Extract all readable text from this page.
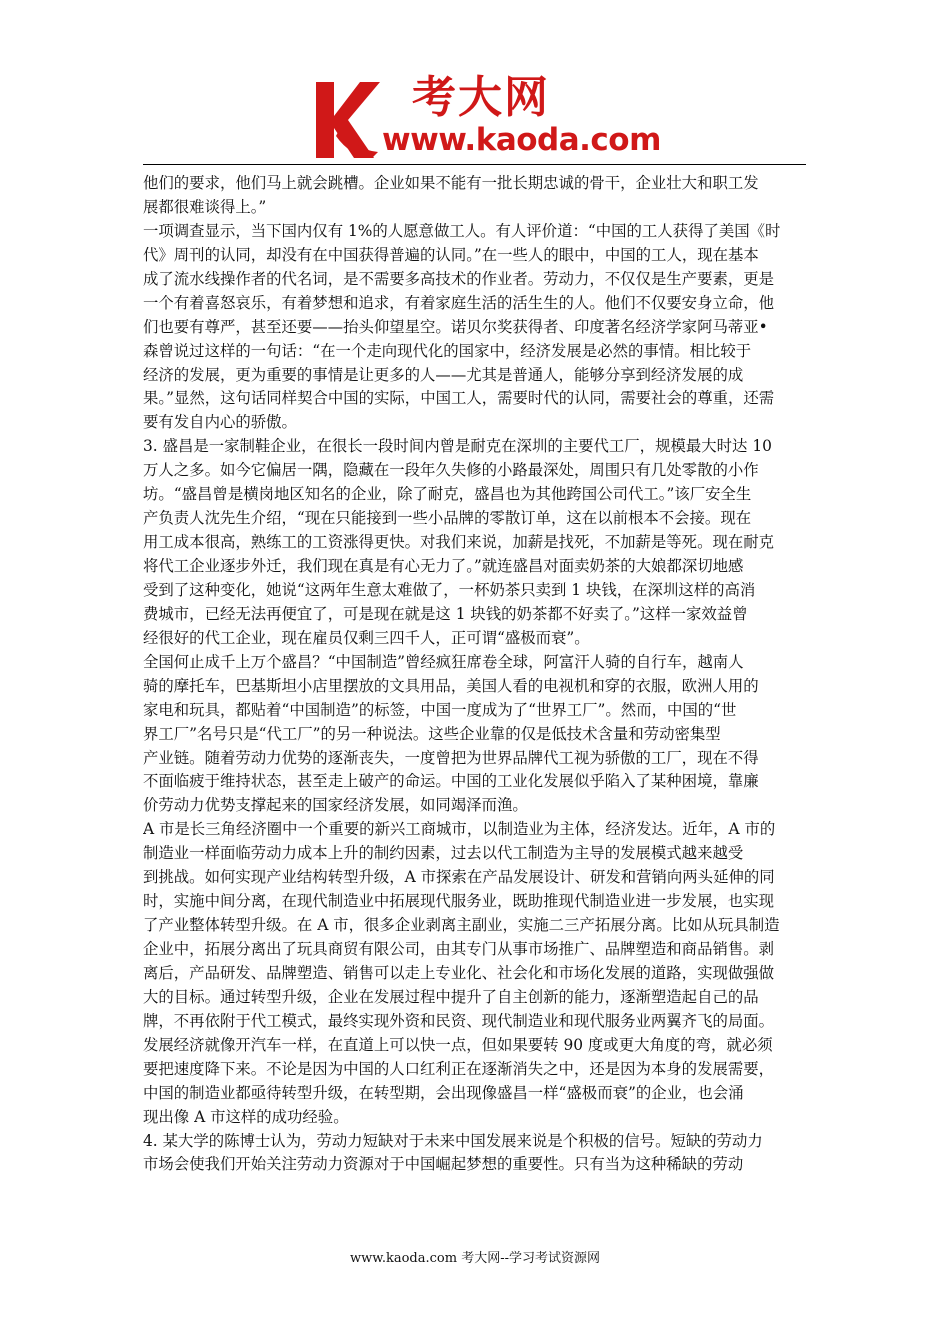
考大网
www.kaoda.com
他们的要求，他们马上就会跳槽。企业如果不能有一批长期忠诚的骨干，企业壮大和职工发
展都很难谈得上。”
一项调查显示，当下国内仅有 1%的人愿意做工人。有人评价道：“中国的工人获得了美国《时
代》周刊的认同，却没有在中国获得普遍的认同。”在一些人的眼中，中国的工人，现在基本
成了流水线操作者的代名词，是不需要多高技术的作业者。劳动力，不仅仅是生产要素，更是
一个有着喜怒哀乐，有着梦想和追求，有着家庭生活的活生生的人。他们不仅要安身立命，他
们也要有尊严，甚至还要——抬头仰望星空。诺贝尔奖获得者、印度著名经济学家阿马蒂亚•
森曾说过这样的一句话：“在一个走向现代化的国家中，经济发展是必然的事情。相比较于
经济的发展，更为重要的事情是让更多的人——尤其是普通人，能够分享到经济发展的成
果。”显然，这句话同样契合中国的实际，中国工人，需要时代的认同，需要社会的尊重，还需
要有发自内心的骄傲。
3. 盛昌是一家制鞋企业，在很长一段时间内曾是耐克在深圳的主要代工厂，规模最大时达 10
万人之多。如今它偏居一隅，隐藏在一段年久失修的小路最深处，周围只有几处零散的小作
坊。“盛昌曾是横岗地区知名的企业，除了耐克，盛昌也为其他跨国公司代工。”该厂安全生
产负责人沈先生介绍，“现在只能接到一些小品牌的零散订单，这在以前根本不会接。现在
用工成本很高，熟练工的工资涨得更快。对我们来说，加薪是找死，不加薪是等死。现在耐克
将代工企业逐步外迁，我们现在真是有心无力了。”就连盛昌对面卖奶茶的大娘都深切地感
受到了这种变化，她说“这两年生意太难做了，一杯奶茶只卖到 1 块钱，在深圳这样的高消
费城市，已经无法再便宜了，可是现在就是这 1 块钱的奶茶都不好卖了。”这样一家效益曾
经很好的代工企业，现在雇员仅剩三四千人，正可谓“盛极而衰”。
全国何止成千上万个盛昌？“中国制造”曾经疯狂席卷全球，阿富汗人骑的自行车，越南人
骑的摩托车，巴基斯坦小店里摆放的文具用品，美国人看的电视机和穿的衣服，欧洲人用的
家电和玩具，都贴着“中国制造”的标签，中国一度成为了“世界工厂”。然而，中国的“世
界工厂”名号只是“代工厂”的另一种说法。这些企业靠的仅是低技术含量和劳动密集型
产业链。随着劳动力优势的逐渐丧失，一度曾把为世界品牌代工视为骄傲的工厂，现在不得
不面临疲于维持状态，甚至走上破产的命运。中国的工业化发展似乎陷入了某种困境，靠廉
价劳动力优势支撑起来的国家经济发展，如同竭泽而渔。
A 市是长三角经济圈中一个重要的新兴工商城市，以制造业为主体，经济发达。近年，A 市的
制造业一样面临劳动力成本上升的制约因素，过去以代工制造为主导的发展模式越来越受
到挑战。如何实现产业结构转型升级，A 市探索在产品发展设计、研发和营销向两头延伸的同
时，实施中间分离，在现代制造业中拓展现代服务业，既助推现代制造业进一步发展，也实现
了产业整体转型升级。在 A 市，很多企业剥离主副业，实施二三产拓展分离。比如从玩具制造
企业中，拓展分离出了玩具商贸有限公司，由其专门从事市场推广、品牌塑造和商品销售。剥
离后，产品研发、品牌塑造、销售可以走上专业化、社会化和市场化发展的道路，实现做强做
大的目标。通过转型升级，企业在发展过程中提升了自主创新的能力，逐渐塑造起自己的品
牌，不再依附于代工模式，最终实现外资和民资、现代制造业和现代服务业两翼齐飞的局面。
发展经济就像开汽车一样，在直道上可以快一点，但如果要转 90 度或更大角度的弯，就必须
要把速度降下来。不论是因为中国的人口红利正在逐渐消失之中，还是因为本身的发展需要，
中国的制造业都亟待转型升级，在转型期，会出现像盛昌一样“盛极而衰”的企业，也会涌
现出像 A 市这样的成功经验。
4. 某大学的陈博士认为，劳动力短缺对于未来中国发展来说是个积极的信号。短缺的劳动力
市场会使我们开始关注劳动力资源对于中国崛起梦想的重要性。只有当为这种稀缺的劳动
www.kaoda.com 考大网--学习考试资源网
